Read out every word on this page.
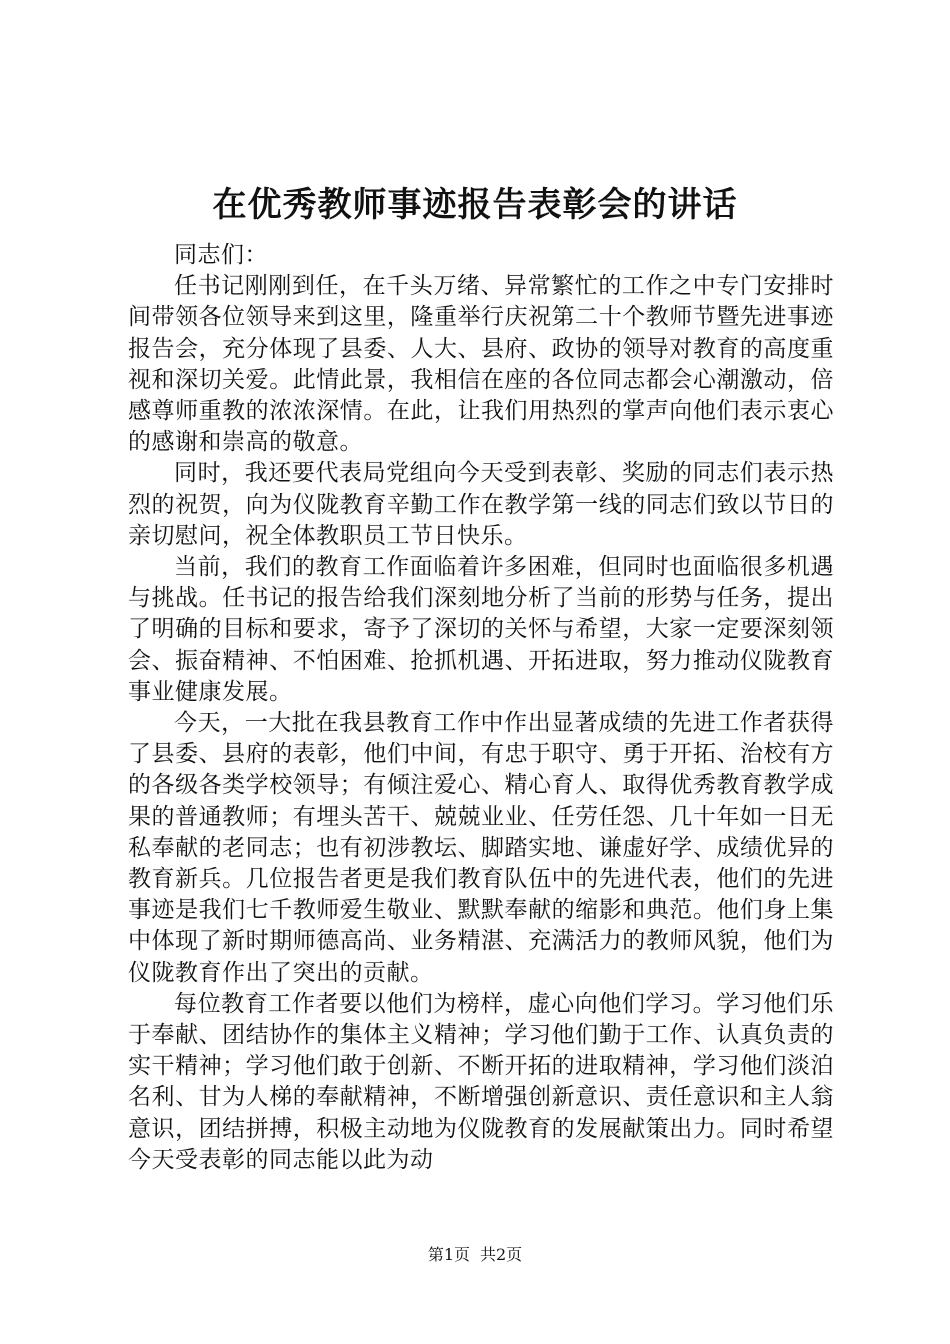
在优秀教师事迹报告表彰会的讲话

同志们：

任书记刚刚到任，在千头万绪、异常繁忙的工作之中专门安排时间带领各位领导来到这里，隆重举行庆祝第二十个教师节暨先进事迹报告会，充分体现了县委、人大、县府、政协的领导对教育的高度重视和深切关爱。此情此景，我相信在座的各位同志都会心潮激动，倍感尊师重教的浓浓深情。在此，让我们用热烈的掌声向他们表示衷心的感谢和崇高的敬意。

同时，我还要代表局党组向今天受到表彰、奖励的同志们表示热烈的祝贺，向为仪陇教育辛勤工作在教学第一线的同志们致以节日的亲切慰问，祝全体教职员工节日快乐。

当前，我们的教育工作面临着许多困难，但同时也面临很多机遇与挑战。任书记的报告给我们深刻地分析了当前的形势与任务，提出了明确的目标和要求，寄予了深切的关怀与希望，大家一定要深刻领会、振奋精神、不怕困难、抢抓机遇、开拓进取，努力推动仪陇教育事业健康发展。

今天，一大批在我县教育工作中作出显著成绩的先进工作者获得了县委、县府的表彰，他们中间，有忠于职守、勇于开拓、治校有方的各级各类学校领导；有倾注爱心、精心育人、取得优秀教育教学成果的普通教师；有埋头苦干、兢兢业业、任劳任怨、几十年如一日无私奉献的老同志；也有初涉教坛、脚踏实地、谦虚好学、成绩优异的教育新兵。几位报告者更是我们教育队伍中的先进代表，他们的先进事迹是我们七千教师爱生敬业、默默奉献的缩影和典范。他们身上集中体现了新时期师德高尚、业务精湛、充满活力的教师风貌，他们为仪陇教育作出了突出的贡献。

每位教育工作者要以他们为榜样，虚心向他们学习。学习他们乐于奉献、团结协作的集体主义精神；学习他们勤于工作、认真负责的实干精神；学习他们敢于创新、不断开拓的进取精神，学习他们淡泊名利、甘为人梯的奉献精神，不断增强创新意识、责任意识和主人翁意识，团结拼搏，积极主动地为仪陇教育的发展献策出力。同时希望今天受表彰的同志能以此为动

第1页 共2页
